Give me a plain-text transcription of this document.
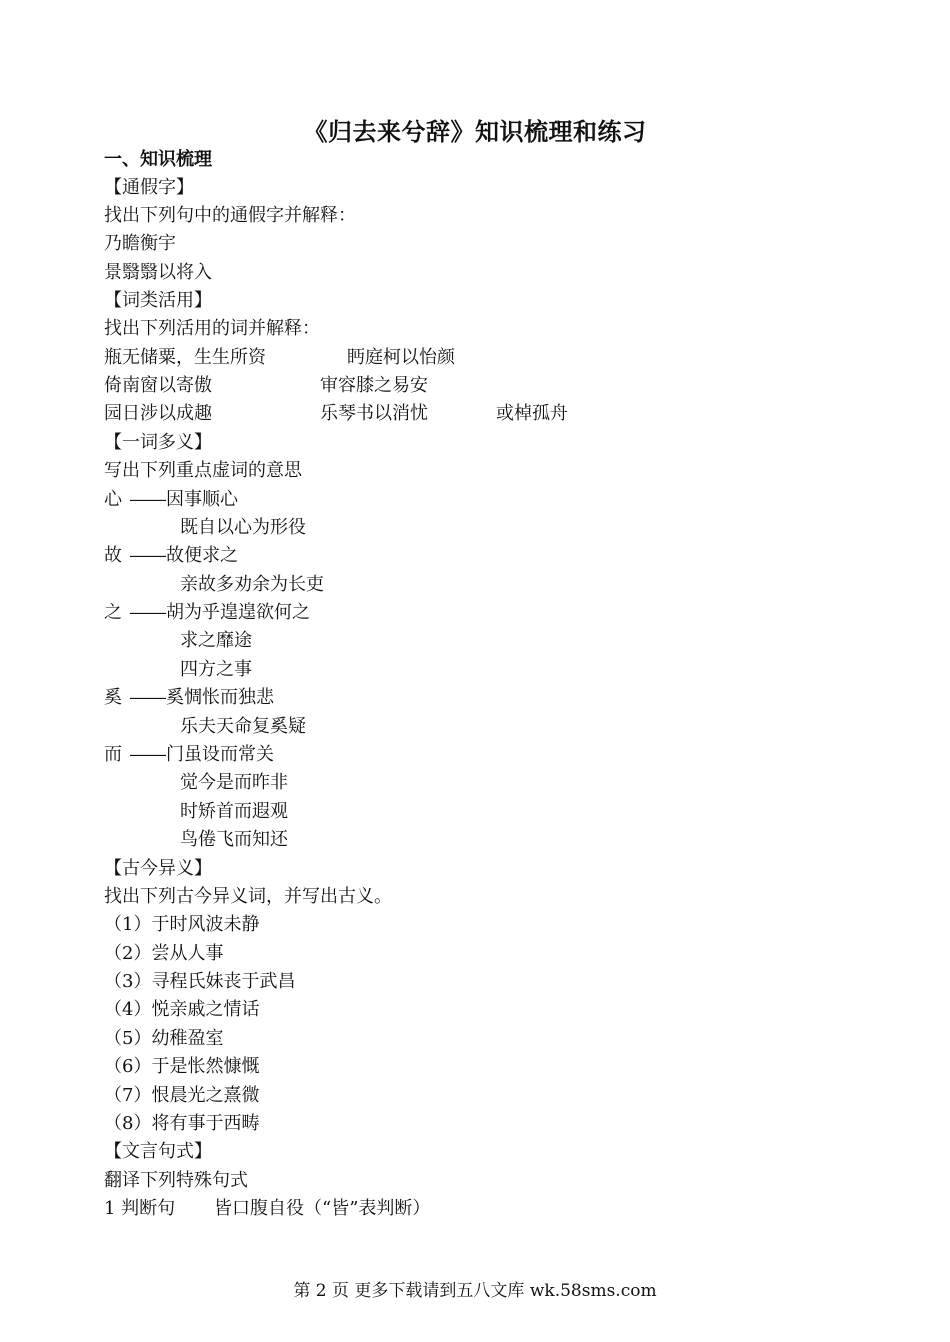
《归去来兮辞》知识梳理和练习
一、知识梳理
【通假字】
找出下列句中的通假字并解释：
乃瞻衡宇
景翳翳以将入
【词类活用】
找出下列活用的词并解释：
瓶无储粟，生生所资	眄庭柯以怡颜
倚南窗以寄傲	审容膝之易安
园日涉以成趣	乐琴书以消忧	或棹孤舟
【一词多义】
写出下列重点虚词的意思
心 ――因事顺心
既自以心为形役
故 ――故便求之
亲故多劝余为长吏
之 ――胡为乎遑遑欲何之
求之靡途
四方之事
奚 ――奚惆怅而独悲
乐夫天命复奚疑
而 ――门虽设而常关
觉今是而昨非
时矫首而遐观
鸟倦飞而知还
【古今异义】
找出下列古今异义词，并写出古义。
（1）于时风波未静
（2）尝从人事
（3）寻程氏妹丧于武昌
（4）悦亲戚之情话
（5）幼稚盈室
（6）于是怅然慷慨
（7）恨晨光之熹微
（8）将有事于西畴
【文言句式】
翻译下列特殊句式
1 判断句 皆口腹自役（“皆”表判断）
第 2 页 更多下载请到五八文库 wk.58sms.com
